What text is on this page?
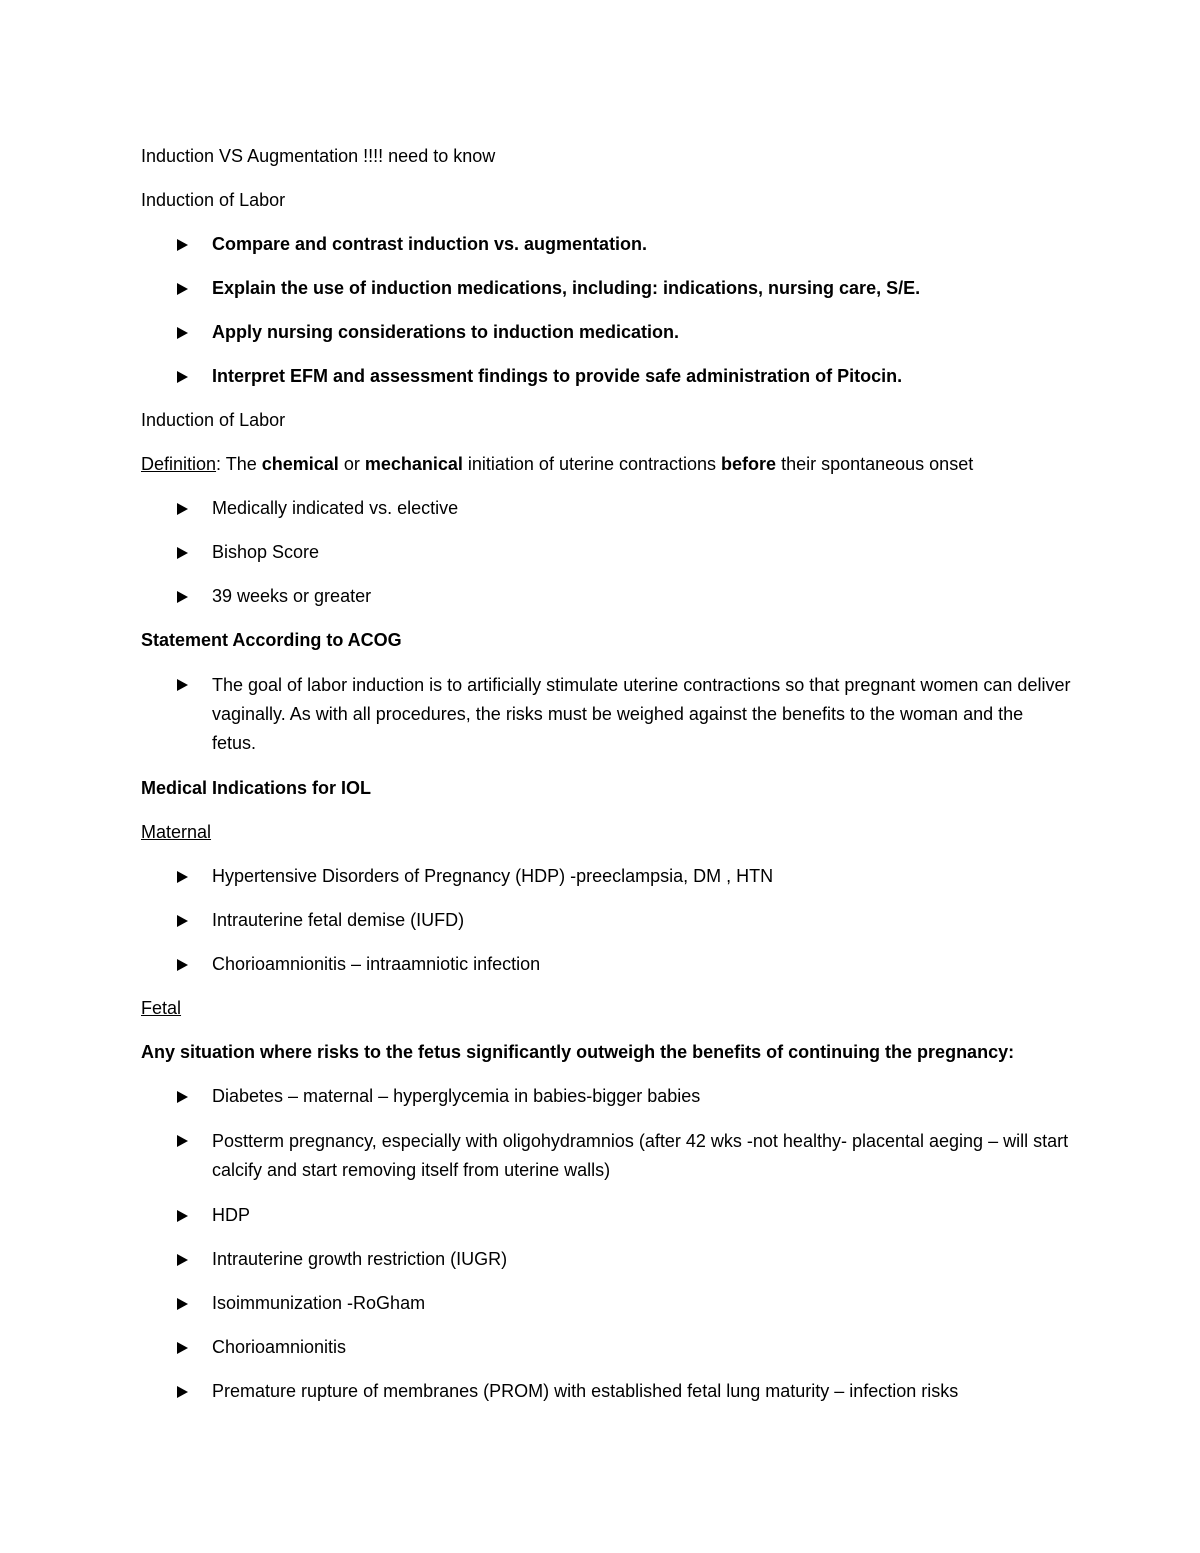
Induction VS Augmentation !!!! need to know

Induction of Labor

Compare and contrast induction vs. augmentation.
Explain the use of induction medications, including: indications, nursing care, S/E.
Apply nursing considerations to induction medication.
Interpret EFM and assessment findings to provide safe administration of Pitocin.

Induction of Labor

Definition: The chemical or mechanical initiation of uterine contractions before their spontaneous onset

Medically indicated vs. elective
Bishop Score
39 weeks or greater

Statement According to ACOG

The goal of labor induction is to artificially stimulate uterine contractions so that pregnant women can deliver vaginally. As with all procedures, the risks must be weighed against the benefits to the woman and the fetus.

Medical Indications for IOL

Maternal

Hypertensive Disorders of Pregnancy (HDP) -preeclampsia, DM , HTN
Intrauterine fetal demise (IUFD)
Chorioamnionitis – intraamniotic infection

Fetal

Any situation where risks to the fetus significantly outweigh the benefits of continuing the pregnancy:

Diabetes – maternal – hyperglycemia in babies-bigger babies
Postterm pregnancy, especially with oligohydramnios (after 42 wks -not healthy- placental aeging – will start calcify and start removing itself from uterine walls)
HDP
Intrauterine growth restriction (IUGR)
Isoimmunization -RoGham
Chorioamnionitis
Premature rupture of membranes (PROM) with established fetal lung maturity – infection risks
